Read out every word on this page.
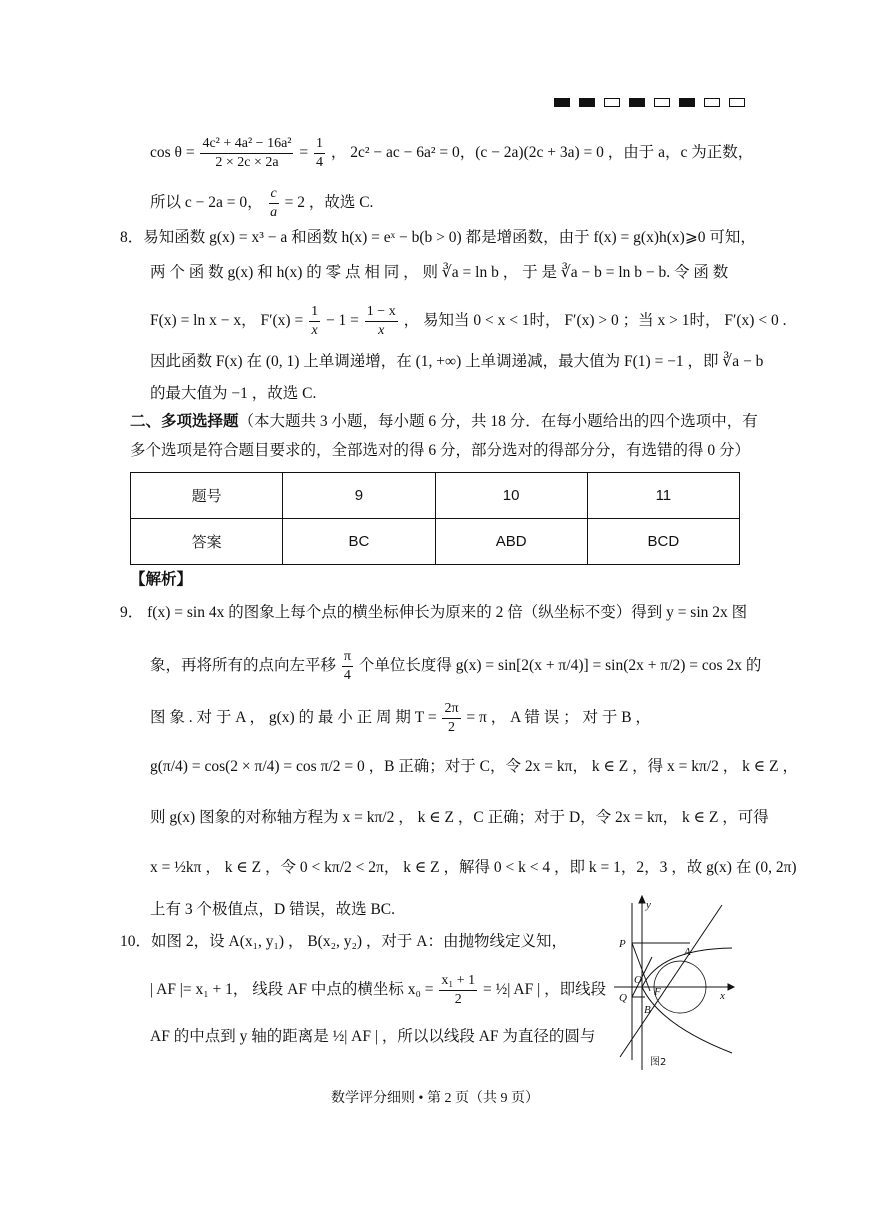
$\cos \theta = \frac{\text{4c² + 4a² − 16a²}}{2 \times 2c \times 2a} = \frac{1}{4}$ ， 2c² − ac − 6a² = 0，(c − 2a)(2c + 3a) = 0 ，由于 a，c 为正数，
所以 c − 2a = 0， $\frac{c}{a} = 2$ ，故选 C.
8．易知函数 g(x) = x³ − a 和函数 h(x) = eˣ − b(b > 0) 都是增函数，由于 f(x) = g(x)h(x)⩾0 可知，
两 个 函 数 g(x) 和 h(x) 的 零 点 相 同 ， 则 ∛a = ln b ， 于 是 ∛a − b = ln b − b. 令 函 数
F(x) = ln x − x， $F'(x) = \frac{1}{x} - 1 = \frac{1 - x}{x}$ ， 易知当 0 < x < 1时， F′(x) > 0 ；当 x > 1时， F′(x) < 0 .
因此函数 F(x) 在 (0, 1) 上单调递增，在 (1, +∞) 上单调递减，最大值为 F(1) = −1 ，即 ∛a − b
的最大值为 −1 ，故选 C.
二、多项选择题（本大题共 3 小题，每小题 6 分，共 18 分．在每小题给出的四个选项中，有
多个选项是符合题目要求的，全部选对的得 6 分，部分选对的得部分分，有选错的得 0 分）
题号	9	10	11
答案	BC	ABD	BCD
【解析】
9． f(x) = sin 4x 的图象上每个点的横坐标伸长为原来的 2 倍（纵坐标不变）得到 y = sin 2x 图
象，再将所有的点向左平移 $\frac{\pi}{4}$ 个单位长度得 g(x) = sin[2(x + π/4)] = sin(2x + π/2) = cos 2x 的
图 象 . 对 于 A ， g(x) 的 最 小 正 周 期 $T = \frac{2\pi}{2} = \pi$ ， A 错 误 ； 对 于 B ，
g(π/4) = cos(2 × π/4) = cos π/2 = 0 ，B 正确；对于 C，令 2x = kπ， k ∈ Z ，得 x = kπ/2 ， k ∈ Z ，
则 g(x) 图象的对称轴方程为 x = kπ/2 ， k ∈ Z ，C 正确；对于 D，令 2x = kπ， k ∈ Z ，可得
x = ½kπ ， k ∈ Z ，令 0 < kπ/2 < 2π， k ∈ Z ，解得 0 < k < 4 ，即 k = 1，2，3 ，故 g(x) 在 (0, 2π)
上有 3 个极值点，D 错误，故选 BC.
10．如图 2，设 A(x₁, y₁) ， B(x₂, y₂) ，对于 A：由抛物线定义知，
| AF |= x₁ + 1， 线段 AF 中点的横坐标 $x_0 = \frac{\text{x₁ + 1}}{2}$ = ½| AF | ，即线段
AF 的中点到 y 轴的距离是 ½| AF | ，所以以线段 AF 为直径的圆与
y
x
P
A
O
F
Q
B
图2
数学评分细则 • 第 2 页（共 9 页）
